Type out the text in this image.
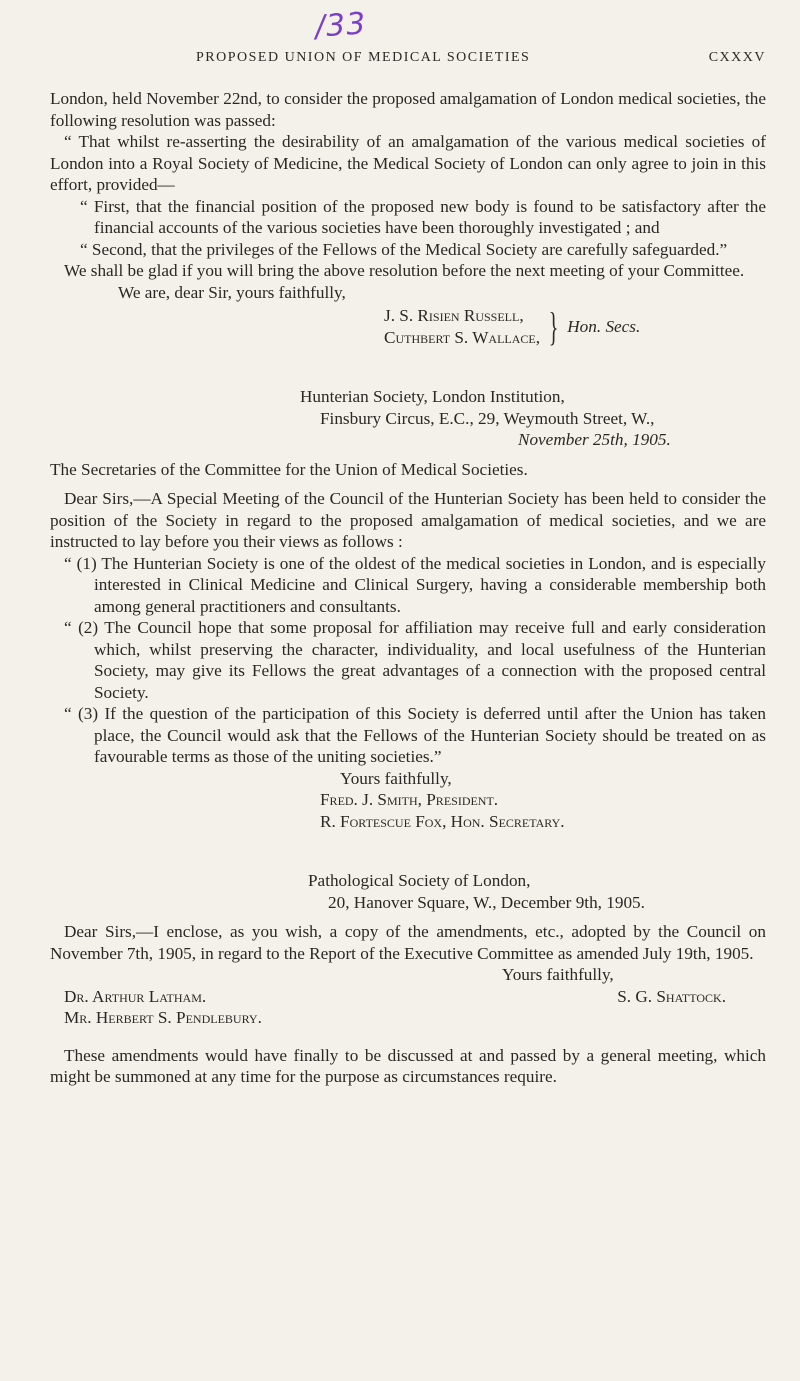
/33
PROPOSED UNION OF MEDICAL SOCIETIES	CXXXV

London, held November 22nd, to consider the proposed amalgamation of London medical societies, the following resolution was passed:

“ That whilst re-asserting the desirability of an amalgamation of the various medical societies of London into a Royal Society of Medicine, the Medical Society of London can only agree to join in this effort, provided—

“ First, that the financial position of the proposed new body is found to be satisfactory after the financial accounts of the various societies have been thoroughly investigated ; and

“ Second, that the privileges of the Fellows of the Medical Society are carefully safeguarded.”

We shall be glad if you will bring the above resolution before the next meeting of your Committee.

We are, dear Sir, yours faithfully,

J. S. Risien Russell,
Cuthbert S. Wallace, } Hon. Secs.

Hunterian Society, London Institution,

Finsbury Circus, E.C., 29, Weymouth Street, W.,

November 25th, 1905.

The Secretaries of the Committee for the Union of Medical Societies.

Dear Sirs,—A Special Meeting of the Council of the Hunterian Society has been held to consider the position of the Society in regard to the proposed amalgamation of medical societies, and we are instructed to lay before you their views as follows :

“ (1) The Hunterian Society is one of the oldest of the medical societies in London, and is especially interested in Clinical Medicine and Clinical Surgery, having a considerable membership both among general practitioners and consultants.

“ (2) The Council hope that some proposal for affiliation may receive full and early consideration which, whilst preserving the character, individuality, and local usefulness of the Hunterian Society, may give its Fellows the great advantages of a connection with the proposed central Society.

“ (3) If the question of the participation of this Society is deferred until after the Union has taken place, the Council would ask that the Fellows of the Hunterian Society should be treated on as favourable terms as those of the uniting societies.”

Yours faithfully,

Fred. J. Smith, President.

R. Fortescue Fox, Hon. Secretary.

Pathological Society of London,

20, Hanover Square, W., December 9th, 1905.

Dear Sirs,—I enclose, as you wish, a copy of the amendments, etc., adopted by the Council on November 7th, 1905, in regard to the Report of the Executive Committee as amended July 19th, 1905.

Yours faithfully,

Dr. Arthur Latham.	S. G. Shattock.

Mr. Herbert S. Pendlebury.

These amendments would have finally to be discussed at and passed by a general meeting, which might be summoned at any time for the purpose as circumstances require.
